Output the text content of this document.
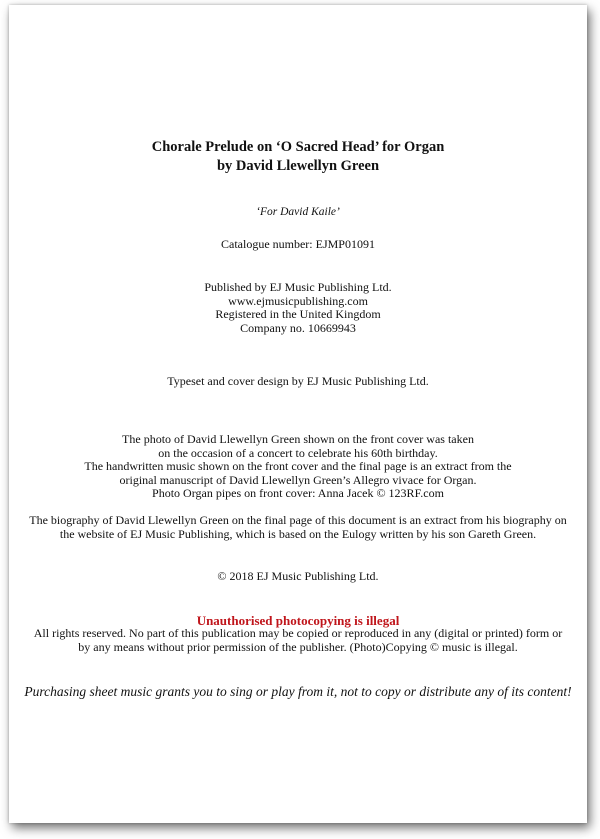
Chorale Prelude on ‘O Sacred Head’ for Organ
by David Llewellyn Green
‘For David Kaile’
Catalogue number: EJMP01091
Published by EJ Music Publishing Ltd.
www.ejmusicpublishing.com
Registered in the United Kingdom
Company no. 10669943
Typeset and cover design by EJ Music Publishing Ltd.
The photo of David Llewellyn Green shown on the front cover was taken
on the occasion of a concert to celebrate his 60th birthday.
The handwritten music shown on the front cover and the final page is an extract from the
original manuscript of David Llewellyn Green’s Allegro vivace for Organ.
Photo Organ pipes on front cover: Anna Jacek © 123RF.com
The biography of David Llewellyn Green on the final page of this document is an extract from his biography on
the website of EJ Music Publishing, which is based on the Eulogy written by his son Gareth Green.
© 2018 EJ Music Publishing Ltd.
Unauthorised photocopying is illegal
All rights reserved. No part of this publication may be copied or reproduced in any (digital or printed) form or
by any means without prior permission of the publisher. (Photo)Copying © music is illegal.
Purchasing sheet music grants you to sing or play from it, not to copy or distribute any of its content!
